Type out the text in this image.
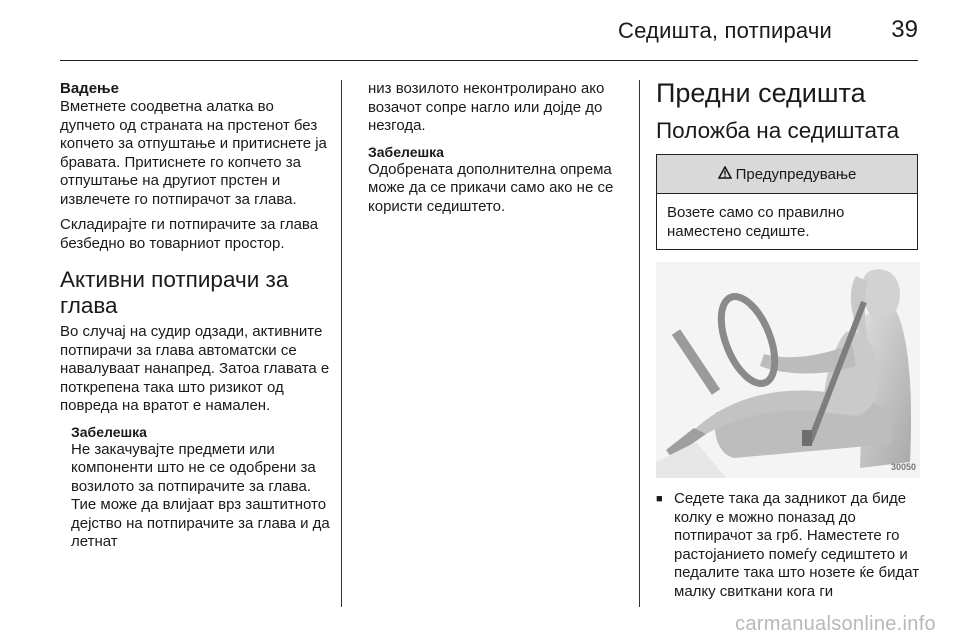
Седишта, потпирачи 39

Вадење

Вметнете соодветна алатка во дупчето од страната на прстенот без копчето за отпуштање и притиснете ја бравата. Притиснете го копчето за отпуштање на другиот прстен и извлечете го потпирачот за глава.

Складирајте ги потпирачите за глава безбедно во товарниот простор.

Активни потпирачи за глава

Во случај на судир одзади, активните потпирачи за глава автоматски се навалуваат нанапред. Затоа главата е поткрепена така што ризикот од повреда на вратот е намален.

Забелешка

Не закачувајте предмети или компоненти што не се одобрени за возилото за потпирачите за глава. Тие може да влијаат врз заштитното дејство на потпирачите за глава и да летнат

низ возилото неконтролирано ако возачот сопре нагло или дојде до незгода.

Забелешка

Одобрената дополнителна опрема може да се прикачи само ако не се користи седиштето.

Предни седишта

Положба на седиштата

Предупредување
Возете само со правилно наместено седиште.
30050
■ Седете така да задникот да биде колку е можно поназад до потпирачот за грб. Наместете го растојанието помеѓу седиштето и педалите така што нозете ќе бидат малку свиткани кога ги
carmanualsonline.info
